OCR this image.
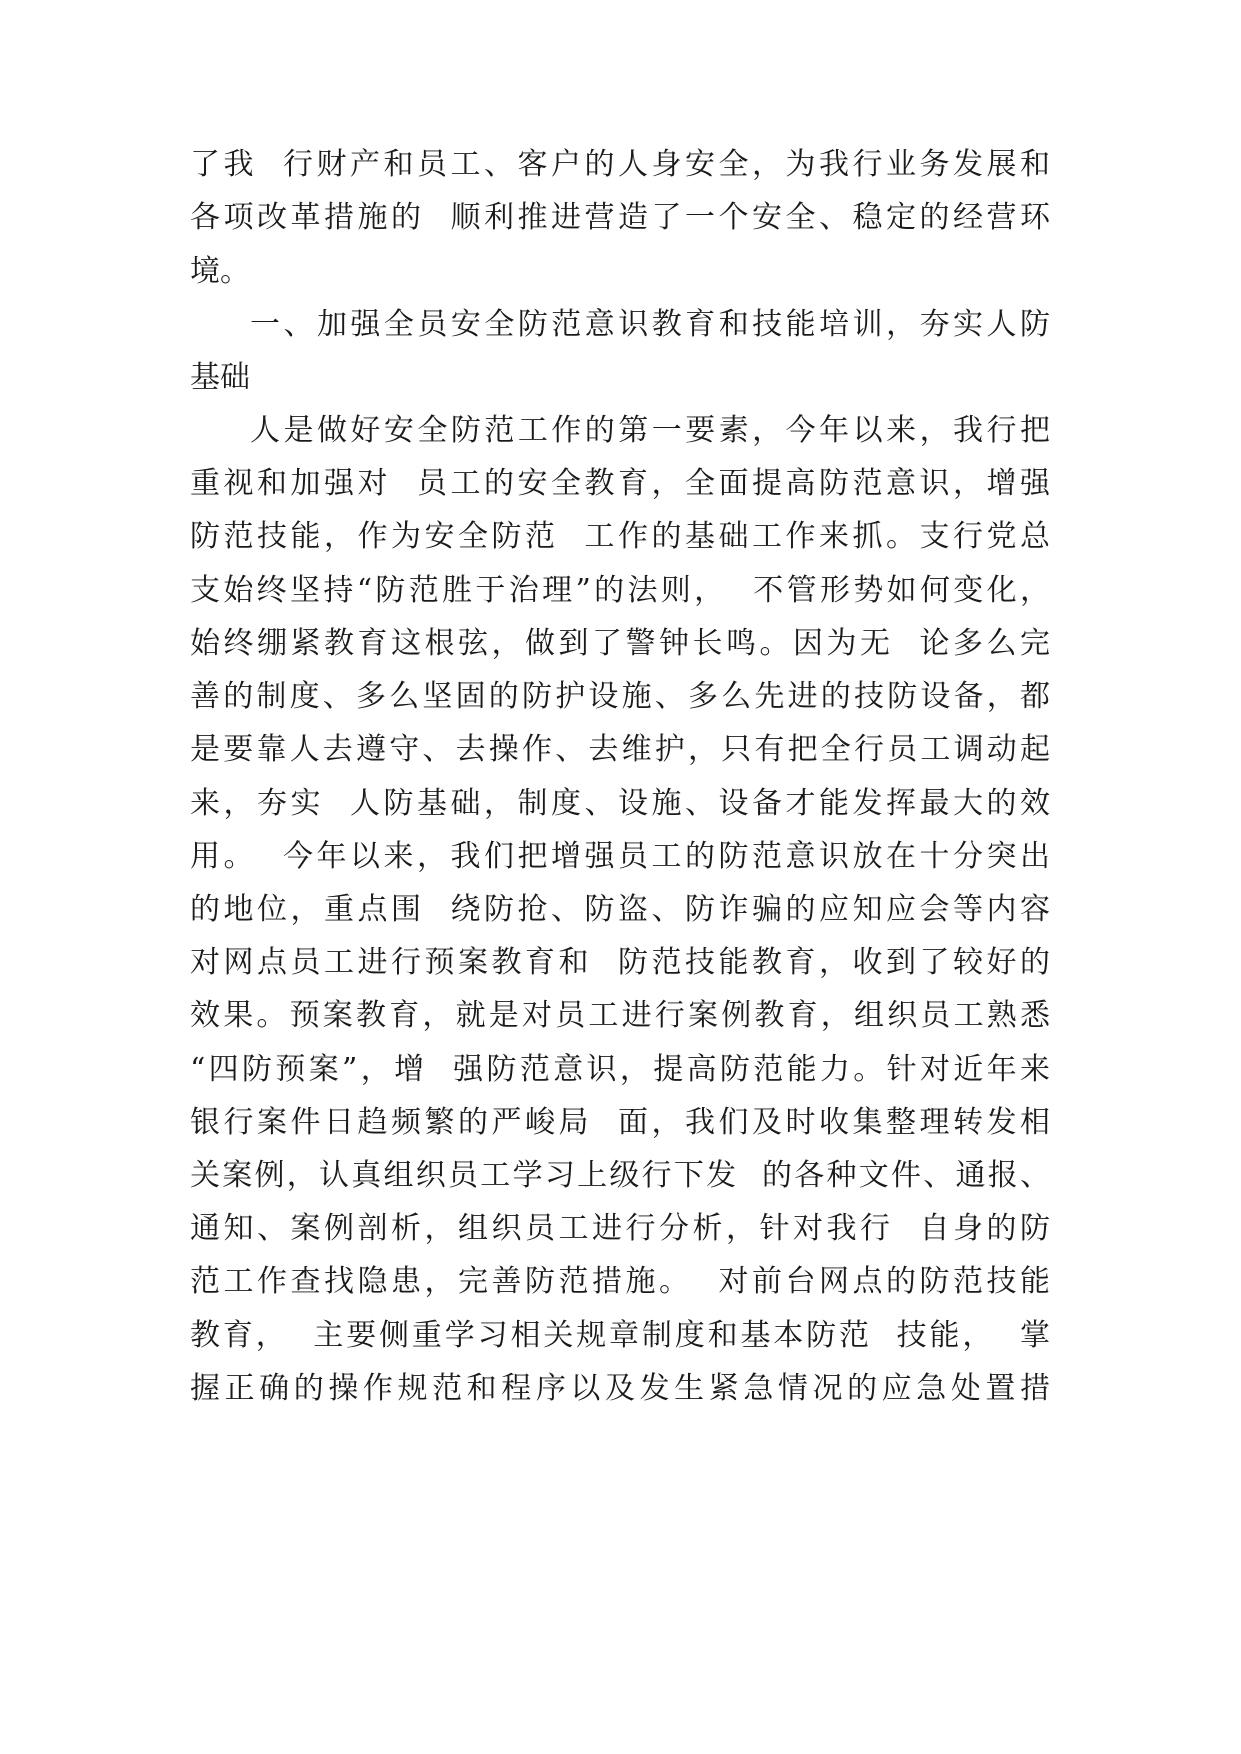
了我  行财产和员工、客户的人身安全，为我行业务发展和
各项改革措施的  顺利推进营造了一个安全、稳定的经营环
境。
一、加强全员安全防范意识教育和技能培训，夯实人防
基础
人是做好安全防范工作的第一要素，今年以来，我行把
重视和加强对  员工的安全教育，全面提高防范意识，增强
防范技能，作为安全防范  工作的基础工作来抓。支行党总
支始终坚持“防范胜于治理”的法则，  不管形势如何变化，
始终绷紧教育这根弦，做到了警钟长鸣。因为无  论多么完
善的制度、多么坚固的防护设施、多么先进的技防设备，都
是要靠人去遵守、去操作、去维护，只有把全行员工调动起
来，夯实  人防基础，制度、设施、设备才能发挥最大的效
用。  今年以来，我们把增强员工的防范意识放在十分突出
的地位，重点围  绕防抢、防盗、防诈骗的应知应会等内容
对网点员工进行预案教育和  防范技能教育，收到了较好的
效果。预案教育，就是对员工进行案例教育，组织员工熟悉
“四防预案”，增  强防范意识，提高防范能力。针对近年来
银行案件日趋频繁的严峻局  面，我们及时收集整理转发相
关案例，认真组织员工学习上级行下发  的各种文件、通报、
通知、案例剖析，组织员工进行分析，针对我行  自身的防
范工作查找隐患，完善防范措施。  对前台网点的防范技能
教育，  主要侧重学习相关规章制度和基本防范  技能，  掌
握正确的操作规范和程序以及发生紧急情况的应急处置措
